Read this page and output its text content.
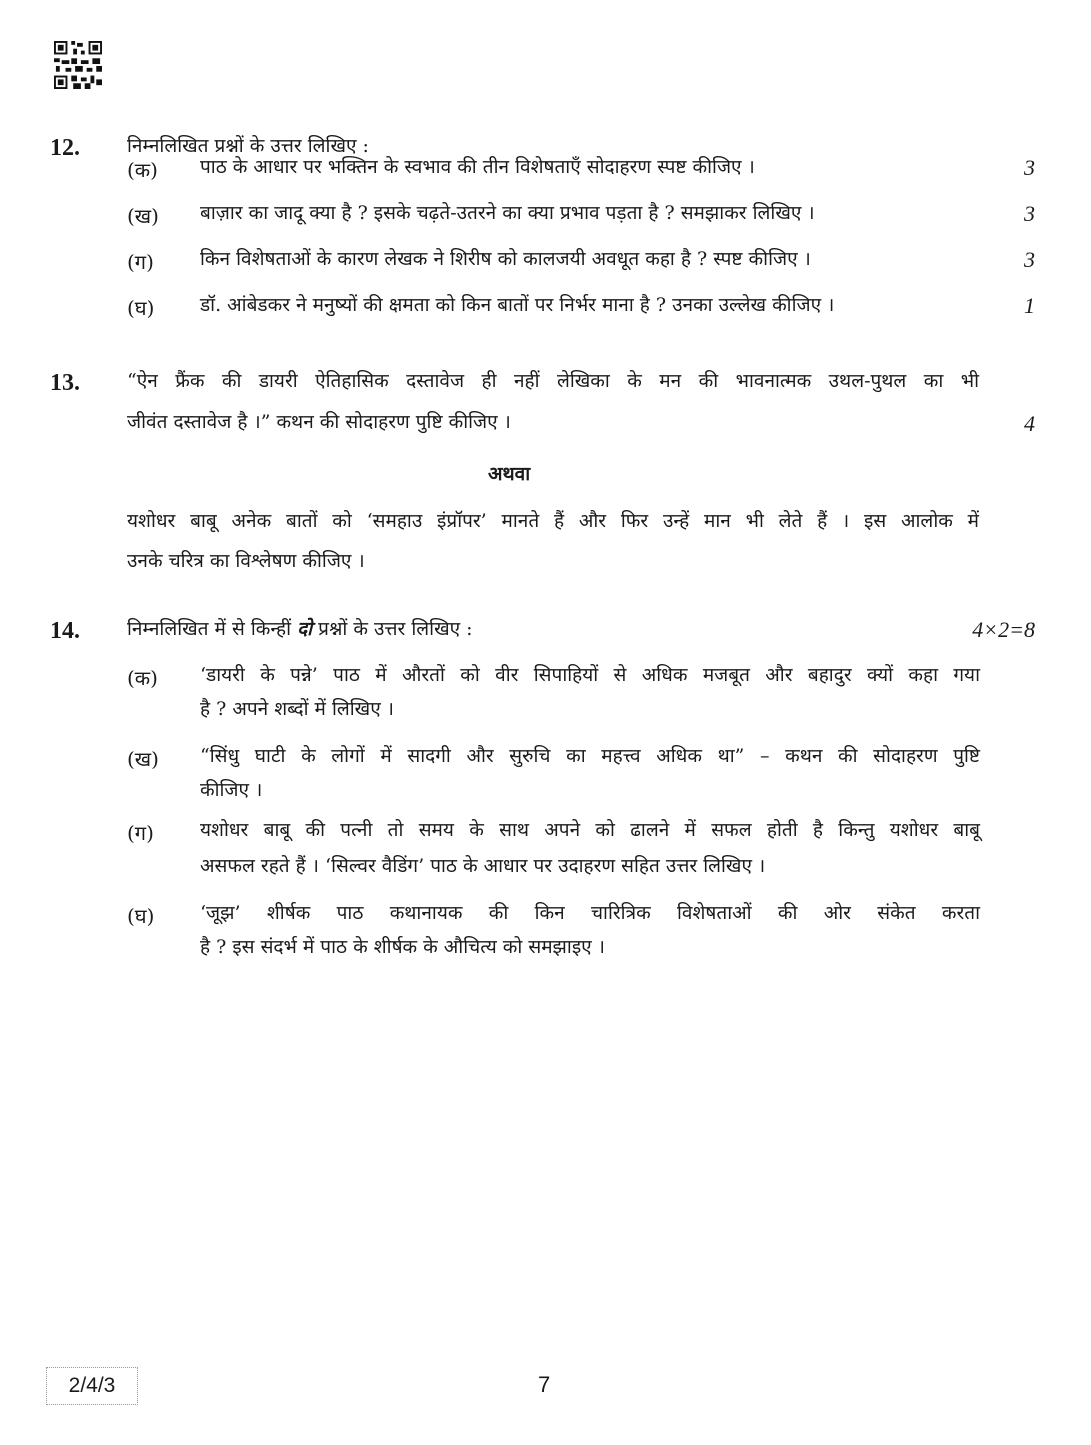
12. निम्नलिखित प्रश्नों के उत्तर लिखिए :
(क) पाठ के आधार पर भक्तिन के स्वभाव की तीन विशेषताएँ सोदाहरण स्पष्ट कीजिए ।	3
(ख) बाज़ार का जादू क्या है ? इसके चढ़ते-उतरने का क्या प्रभाव पड़ता है ? समझाकर लिखिए ।	3
(ग) किन विशेषताओं के कारण लेखक ने शिरीष को कालजयी अवधूत कहा है ? स्पष्ट कीजिए ।	3
(घ) डॉ. आंबेडकर ने मनुष्यों की क्षमता को किन बातों पर निर्भर माना है ? उनका उल्लेख कीजिए ।	1
13. “ऐन फ्रैंक की डायरी ऐतिहासिक दस्तावेज ही नहीं लेखिका के मन की भावनात्मक उथल-पुथल का भी
जीवंत दस्तावेज है ।” कथन की सोदाहरण पुष्टि कीजिए ।	4
अथवा
यशोधर बाबू अनेक बातों को ‘समहाउ इंप्रॉपर’ मानते हैं और फिर उन्हें मान भी लेते हैं । इस आलोक में
उनके चरित्र का विश्लेषण कीजिए ।
14. निम्नलिखित में से किन्हीं दो प्रश्नों के उत्तर लिखिए :	4×2=8
(क) ‘डायरी के पन्ने’ पाठ में औरतों को वीर सिपाहियों से अधिक मजबूत और बहादुर क्यों कहा गया
है ? अपने शब्दों में लिखिए ।
(ख) “सिंधु घाटी के लोगों में सादगी और सुरुचि का महत्त्व अधिक था” – कथन की सोदाहरण पुष्टि
कीजिए ।
(ग) यशोधर बाबू की पत्नी तो समय के साथ अपने को ढालने में सफल होती है किन्तु यशोधर बाबू
असफल रहते हैं । ‘सिल्वर वैडिंग’ पाठ के आधार पर उदाहरण सहित उत्तर लिखिए ।
(घ) ‘जूझ’ शीर्षक पाठ कथानायक की किन चारित्रिक विशेषताओं की ओर संकेत करता
है ? इस संदर्भ में पाठ के शीर्षक के औचित्य को समझाइए ।
2/4/3	7
